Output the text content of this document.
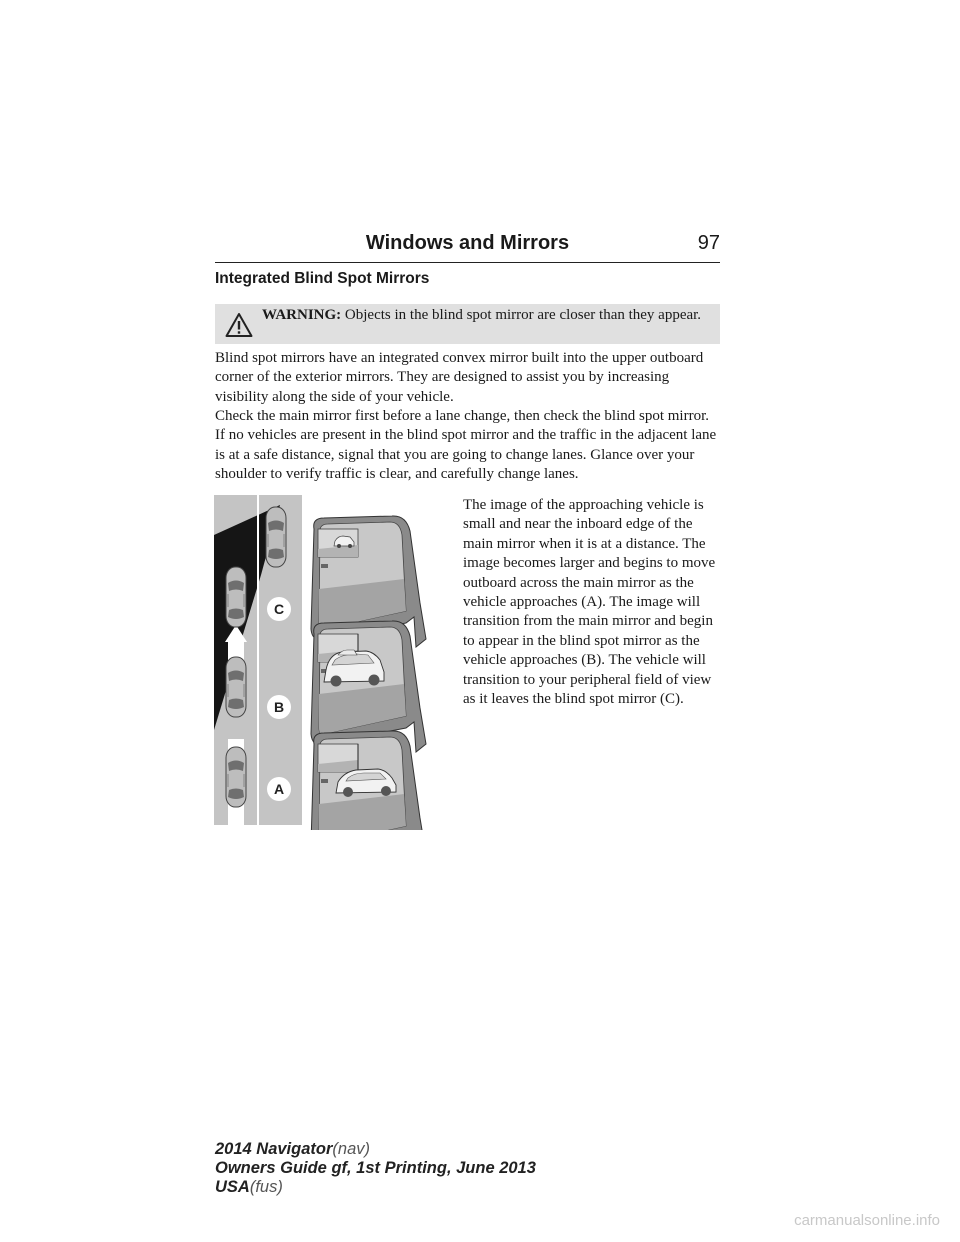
Windows and Mirrors	97
Integrated Blind Spot Mirrors
WARNING: Objects in the blind spot mirror are closer than they appear.

Blind spot mirrors have an integrated convex mirror built into the upper outboard corner of the exterior mirrors. They are designed to assist you by increasing visibility along the side of your vehicle.

Check the main mirror first before a lane change, then check the blind spot mirror. If no vehicles are present in the blind spot mirror and the traffic in the adjacent lane is at a safe distance, signal that you are going to change lanes. Glance over your shoulder to verify traffic is clear, and carefully change lanes.

C
B
A

The image of the approaching vehicle is small and near the inboard edge of the main mirror when it is at a distance. The image becomes larger and begins to move outboard across the main mirror as the vehicle approaches (A). The image will transition from the main mirror and begin to appear in the blind spot mirror as the vehicle approaches (B). The vehicle will transition to your peripheral field of view as it leaves the blind spot mirror (C).

2014 Navigator(nav)
Owners Guide gf, 1st Printing, June 2013
USA(fus)
carmanualsonline.info
